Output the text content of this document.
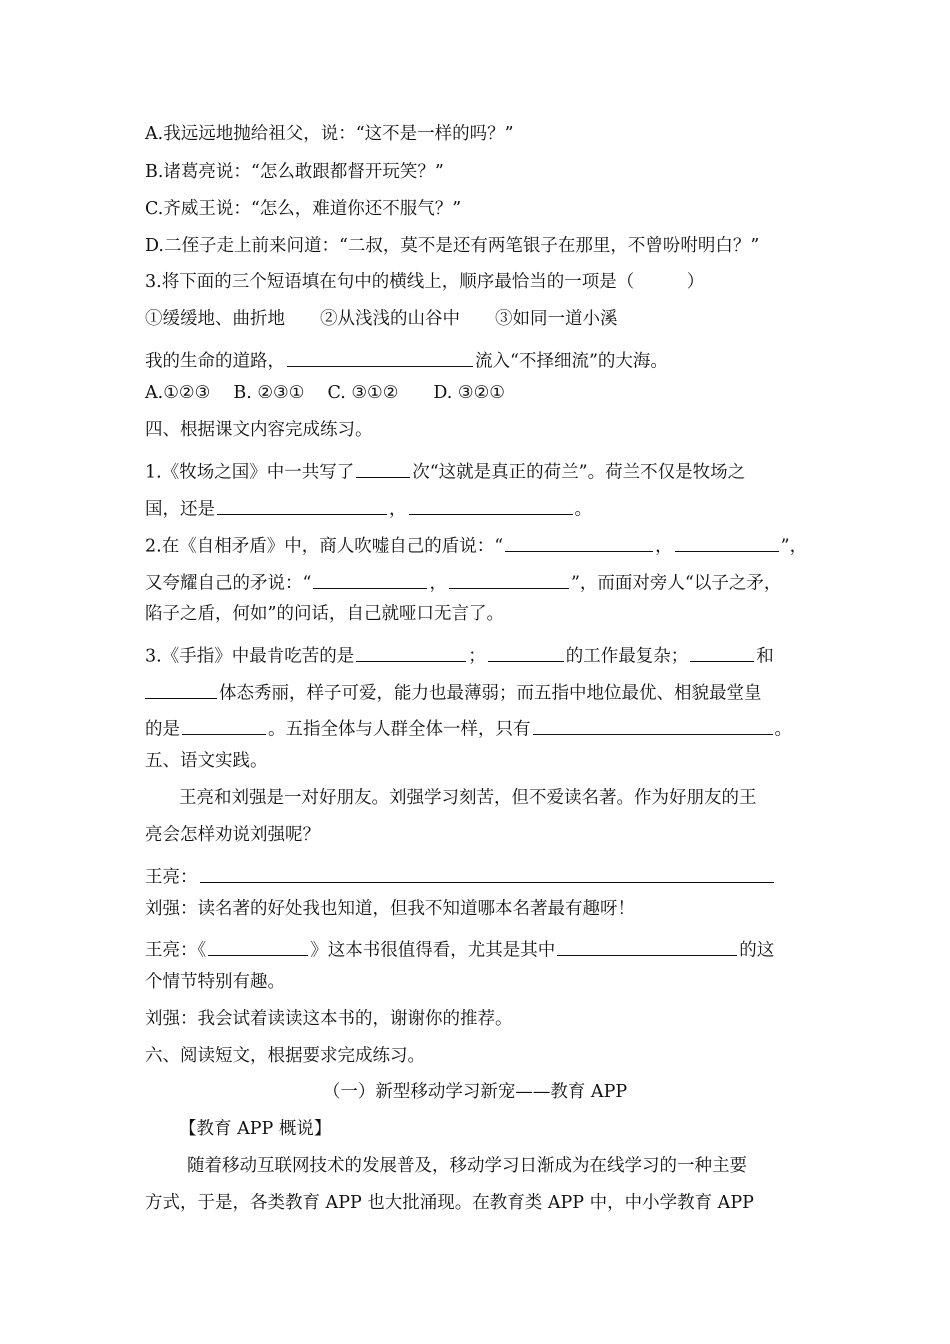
A.我远远地抛给祖父，说：“这不是一样的吗？”
B.诸葛亮说：“怎么敢跟都督开玩笑？”
C.齐威王说：“怎么，难道你还不服气？”
D.二侄子走上前来问道：“二叔，莫不是还有两笔银子在那里，不曾吩咐明白？”
3.将下面的三个短语填在句中的横线上，顺序最恰当的一项是（　　　）
①缓缓地、曲折地　　②从浅浅的山谷中　　③如同一道小溪
我的生命的道路，	流入“不择细流”的大海。
A.①②③　 B. ②③①　 C. ③①②　　D. ③②①
四、根据课文内容完成练习。
1.《牧场之国》中一共写了	次“这就是真正的荷兰”。荷兰不仅是牧场之
国，还是	，	。
2.在《自相矛盾》中，商人吹嘘自己的盾说：“	，	”，
又夸耀自己的矛说：“	，	”，而面对旁人“以子之矛，
陷子之盾，何如”的问话，自己就哑口无言了。
3.《手指》中最肯吃苦的是	；	的工作最复杂；	和
体态秀丽，样子可爱，能力也最薄弱；而五指中地位最优、相貌最堂皇
的是	。五指全体与人群全体一样，只有	。
五、语文实践。
王亮和刘强是一对好朋友。刘强学习刻苦，但不爱读名著。作为好朋友的王
亮会怎样劝说刘强呢？
王亮：
刘强：读名著的好处我也知道，但我不知道哪本名著最有趣呀！
王亮：《	》这本书很值得看，尤其是其中	的这
个情节特别有趣。
刘强：我会试着读读这本书的，谢谢你的推荐。
六、阅读短文，根据要求完成练习。
（一）新型移动学习新宠——教育 APP
【教育 APP 概说】
随着移动互联网技术的发展普及，移动学习日渐成为在线学习的一种主要
方式，于是，各类教育 APP 也大批涌现。在教育类 APP 中，中小学教育 APP
